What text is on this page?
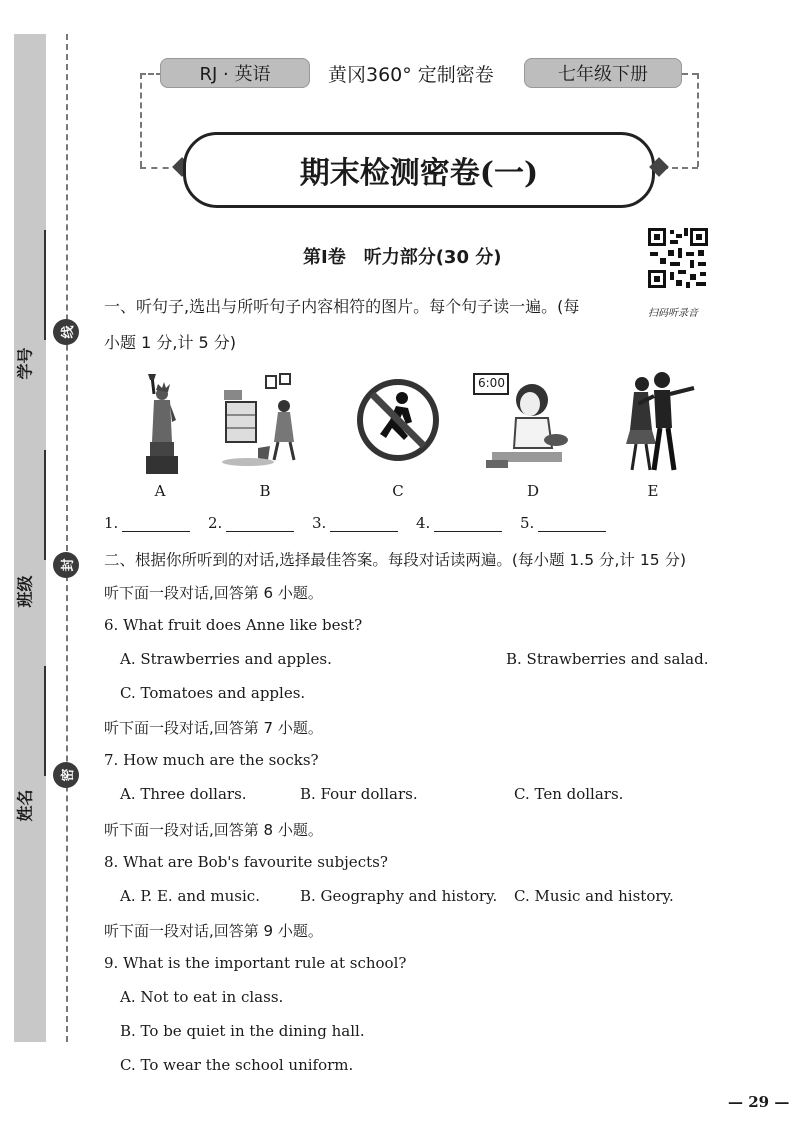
学号
班级
姓名
线
封
密
RJ · 英语	黄冈360° 定制密卷	七年级下册
期末检测密卷(一)
第Ⅰ卷　听力部分(30 分)
扫码听录音
一、听句子,选出与所听句子内容相符的图片。每个句子读一遍。(每
小题 1 分,计 5 分)
6:00
A	B	C	D	E
1.	2.	3.	4.	5.
二、根据你所听到的对话,选择最佳答案。每段对话读两遍。(每小题 1.5 分,计 15 分)
听下面一段对话,回答第 6 小题。
6. What fruit does Anne like best?
A. Strawberries and apples.	B. Strawberries and salad.
C. Tomatoes and apples.
听下面一段对话,回答第 7 小题。
7. How much are the socks?
A. Three dollars.	B. Four dollars.	C. Ten dollars.
听下面一段对话,回答第 8 小题。
8. What are Bob's favourite subjects?
A. P. E. and music.	B. Geography and history. C. Music and history.
听下面一段对话,回答第 9 小题。
9. What is the important rule at school?
A. Not to eat in class.
B. To be quiet in the dining hall.
C. To wear the school uniform.
— 29 —
